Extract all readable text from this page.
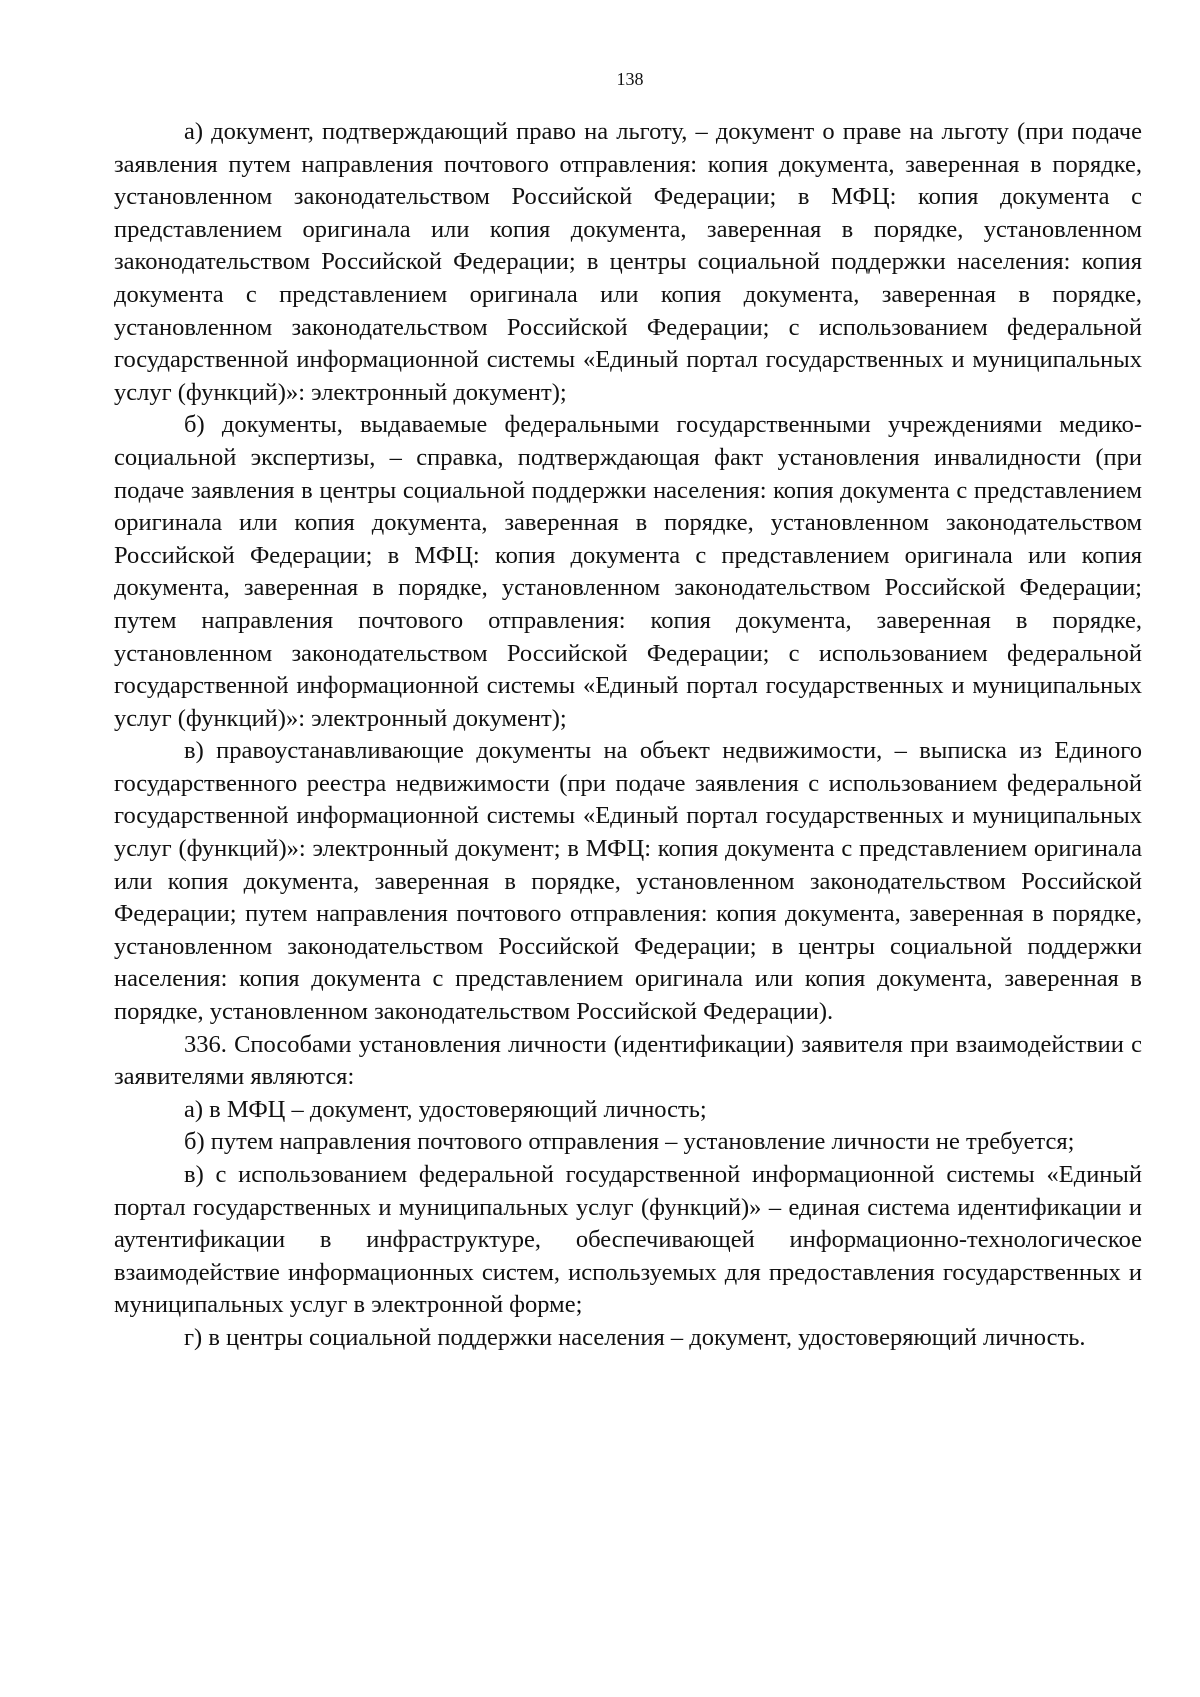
138

а) документ, подтверждающий право на льготу, – документ о праве на льготу (при подаче заявления путем направления почтового отправления: копия документа, заверенная в порядке, установленном законодательством Российской Федерации; в МФЦ: копия документа с представлением оригинала или копия документа, заверенная в порядке, установленном законодательством Российской Федерации; в центры социальной поддержки населения: копия документа с представлением оригинала или копия документа, заверенная в порядке, установленном законодательством Российской Федерации; с использованием федеральной государственной информационной системы «Единый портал государственных и муниципальных услуг (функций)»: электронный документ);

б) документы, выдаваемые федеральными государственными учреждениями медико-социальной экспертизы, – справка, подтверждающая факт установления инвалидности (при подаче заявления в центры социальной поддержки населения: копия документа с представлением оригинала или копия документа, заверенная в порядке, установленном законодательством Российской Федерации; в МФЦ: копия документа с представлением оригинала или копия документа, заверенная в порядке, установленном законодательством Российской Федерации; путем направления почтового отправления: копия документа, заверенная в порядке, установленном законодательством Российской Федерации; с использованием федеральной государственной информационной системы «Единый портал государственных и муниципальных услуг (функций)»: электронный документ);

в) правоустанавливающие документы на объект недвижимости, – выписка из Единого государственного реестра недвижимости (при подаче заявления с использованием федеральной государственной информационной системы «Единый портал государственных и муниципальных услуг (функций)»: электронный документ; в МФЦ: копия документа с представлением оригинала или копия документа, заверенная в порядке, установленном законодательством Российской Федерации; путем направления почтового отправления: копия документа, заверенная в порядке, установленном законодательством Российской Федерации; в центры социальной поддержки населения: копия документа с представлением оригинала или копия документа, заверенная в порядке, установленном законодательством Российской Федерации).

336. Способами установления личности (идентификации) заявителя при взаимодействии с заявителями являются:

а) в МФЦ – документ, удостоверяющий личность;

б) путем направления почтового отправления – установление личности не требуется;

в) с использованием федеральной государственной информационной системы «Единый портал государственных и муниципальных услуг (функций)» – единая система идентификации и аутентификации в инфраструктуре, обеспечивающей информационно-технологическое взаимодействие информационных систем, используемых для предоставления государственных и муниципальных услуг в электронной форме;

г) в центры социальной поддержки населения – документ, удостоверяющий личность.
